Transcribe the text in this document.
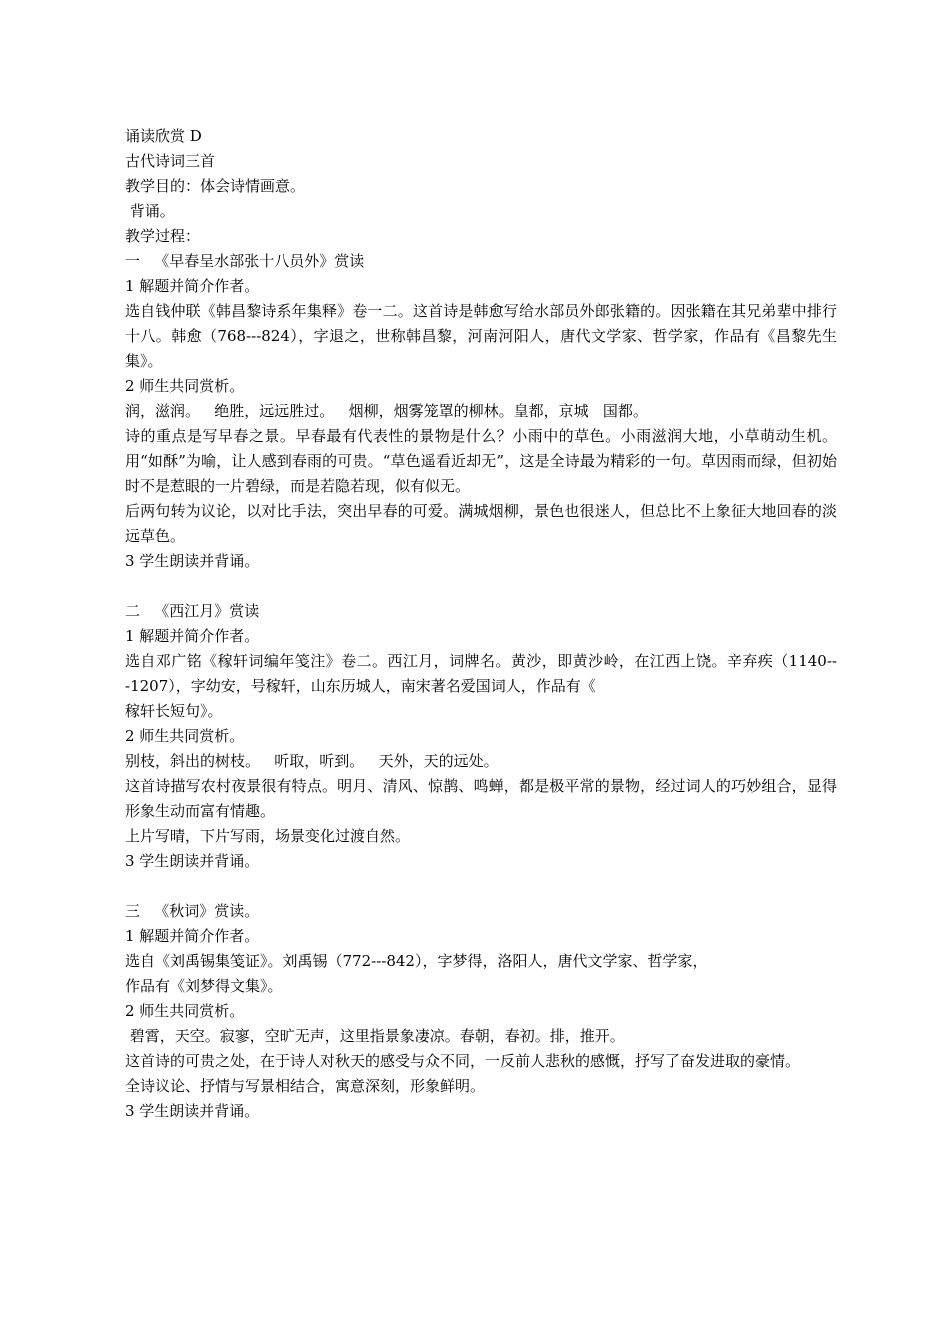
诵读欣赏 D
古代诗词三首
教学目的：体会诗情画意。
背诵。
教学过程：
一   《早春呈水部张十八员外》赏读
1 解题并简介作者。
选自钱仲联《韩昌黎诗系年集释》卷一二。这首诗是韩愈写给水部员外郎张籍的。因张籍在其兄弟辈中排行十八。韩愈（768---824），字退之，世称韩昌黎，河南河阳人，唐代文学家、哲学家，作品有《昌黎先生集》。
2 师生共同赏析。
润，滋润。   绝胜，远远胜过。   烟柳，烟雾笼罩的柳林。皇都，京城   国都。
诗的重点是写早春之景。早春最有代表性的景物是什么？小雨中的草色。小雨滋润大地，小草萌动生机。用“如酥”为喻，让人感到春雨的可贵。“草色遥看近却无”，这是全诗最为精彩的一句。草因雨而绿，但初始时不是惹眼的一片碧绿，而是若隐若现，似有似无。
后两句转为议论，以对比手法，突出早春的可爱。满城烟柳，景色也很迷人，但总比不上象征大地回春的淡远草色。
3 学生朗读并背诵。
二   《西江月》赏读
1 解题并简介作者。
选自邓广铭《稼轩词编年笺注》卷二。西江月，词牌名。黄沙，即黄沙岭，在江西上饶。辛弃疾（1140---1207），字幼安，号稼轩，山东历城人，南宋著名爱国词人，作品有《
稼轩长短句》。
2 师生共同赏析。
别枝，斜出的树枝。   听取，听到。   天外，天的远处。
这首诗描写农村夜景很有特点。明月、清风、惊鹊、鸣蝉，都是极平常的景物，经过词人的巧妙组合，显得形象生动而富有情趣。
上片写晴，下片写雨，场景变化过渡自然。
3 学生朗读并背诵。
三   《秋词》赏读。
1 解题并简介作者。
选自《刘禹锡集笺证》。刘禹锡（772---842），字梦得，洛阳人，唐代文学家、哲学家，
作品有《刘梦得文集》。
2 师生共同赏析。
碧霄，天空。寂寥，空旷无声，这里指景象凄凉。春朝，春初。排，推开。
这首诗的可贵之处，在于诗人对秋天的感受与众不同，一反前人悲秋的感慨，抒写了奋发进取的豪情。
全诗议论、抒情与写景相结合，寓意深刻，形象鲜明。
3 学生朗读并背诵。
